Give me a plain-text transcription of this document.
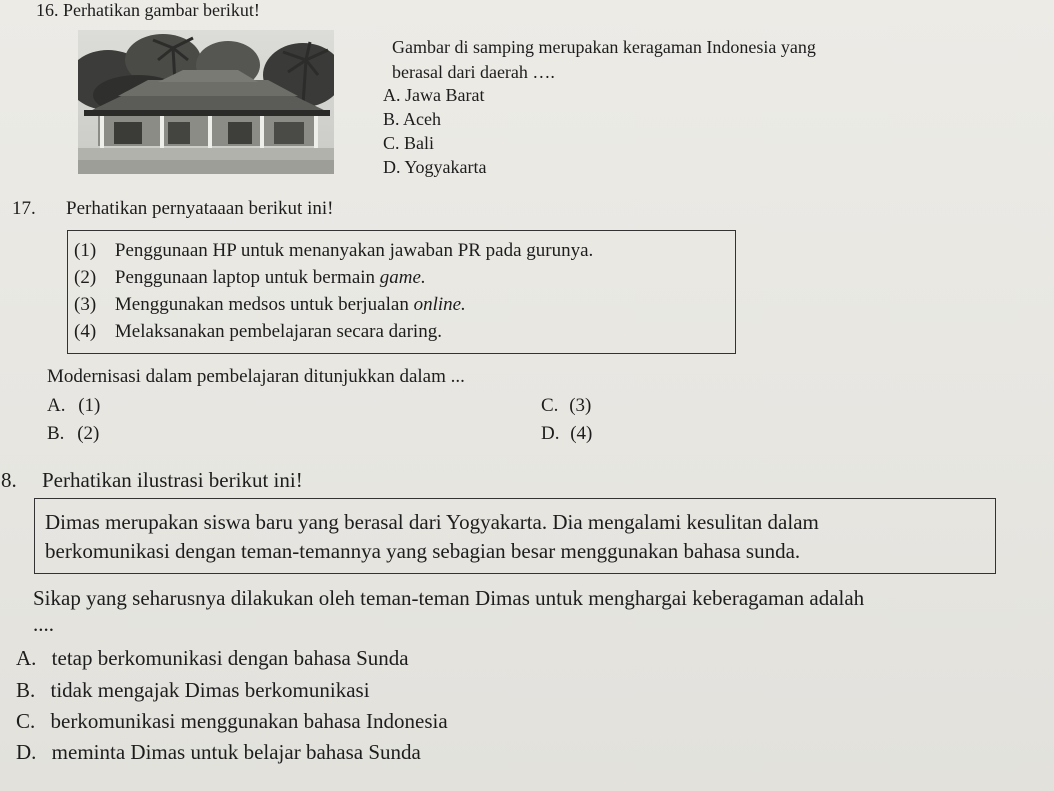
16. Perhatikan gambar berikut!
Gambar di samping merupakan keragaman Indonesia yang
berasal dari daerah ….
A. Jawa Barat
B. Aceh
C. Bali
D. Yogyakarta
17. Perhatikan pernyataaan berikut ini!
(1) Penggunaan HP untuk menanyakan jawaban PR pada gurunya.
(2) Penggunaan laptop untuk bermain game.
(3) Menggunakan medsos untuk berjualan online.
(4) Melaksanakan pembelajaran secara daring.
Modernisasi dalam pembelajaran ditunjukkan dalam ...
A. (1)
B. (2)
C. (3)
D. (4)
8. Perhatikan ilustrasi berikut ini!
Dimas merupakan siswa baru yang berasal dari Yogyakarta. Dia mengalami kesulitan dalam
berkomunikasi dengan teman-temannya yang sebagian besar menggunakan bahasa sunda.
Sikap yang seharusnya dilakukan oleh teman-teman Dimas untuk menghargai keberagaman adalah
....
A. tetap berkomunikasi dengan bahasa Sunda
B. tidak mengajak Dimas berkomunikasi
C. berkomunikasi menggunakan bahasa Indonesia
D. meminta Dimas untuk belajar bahasa Sunda
